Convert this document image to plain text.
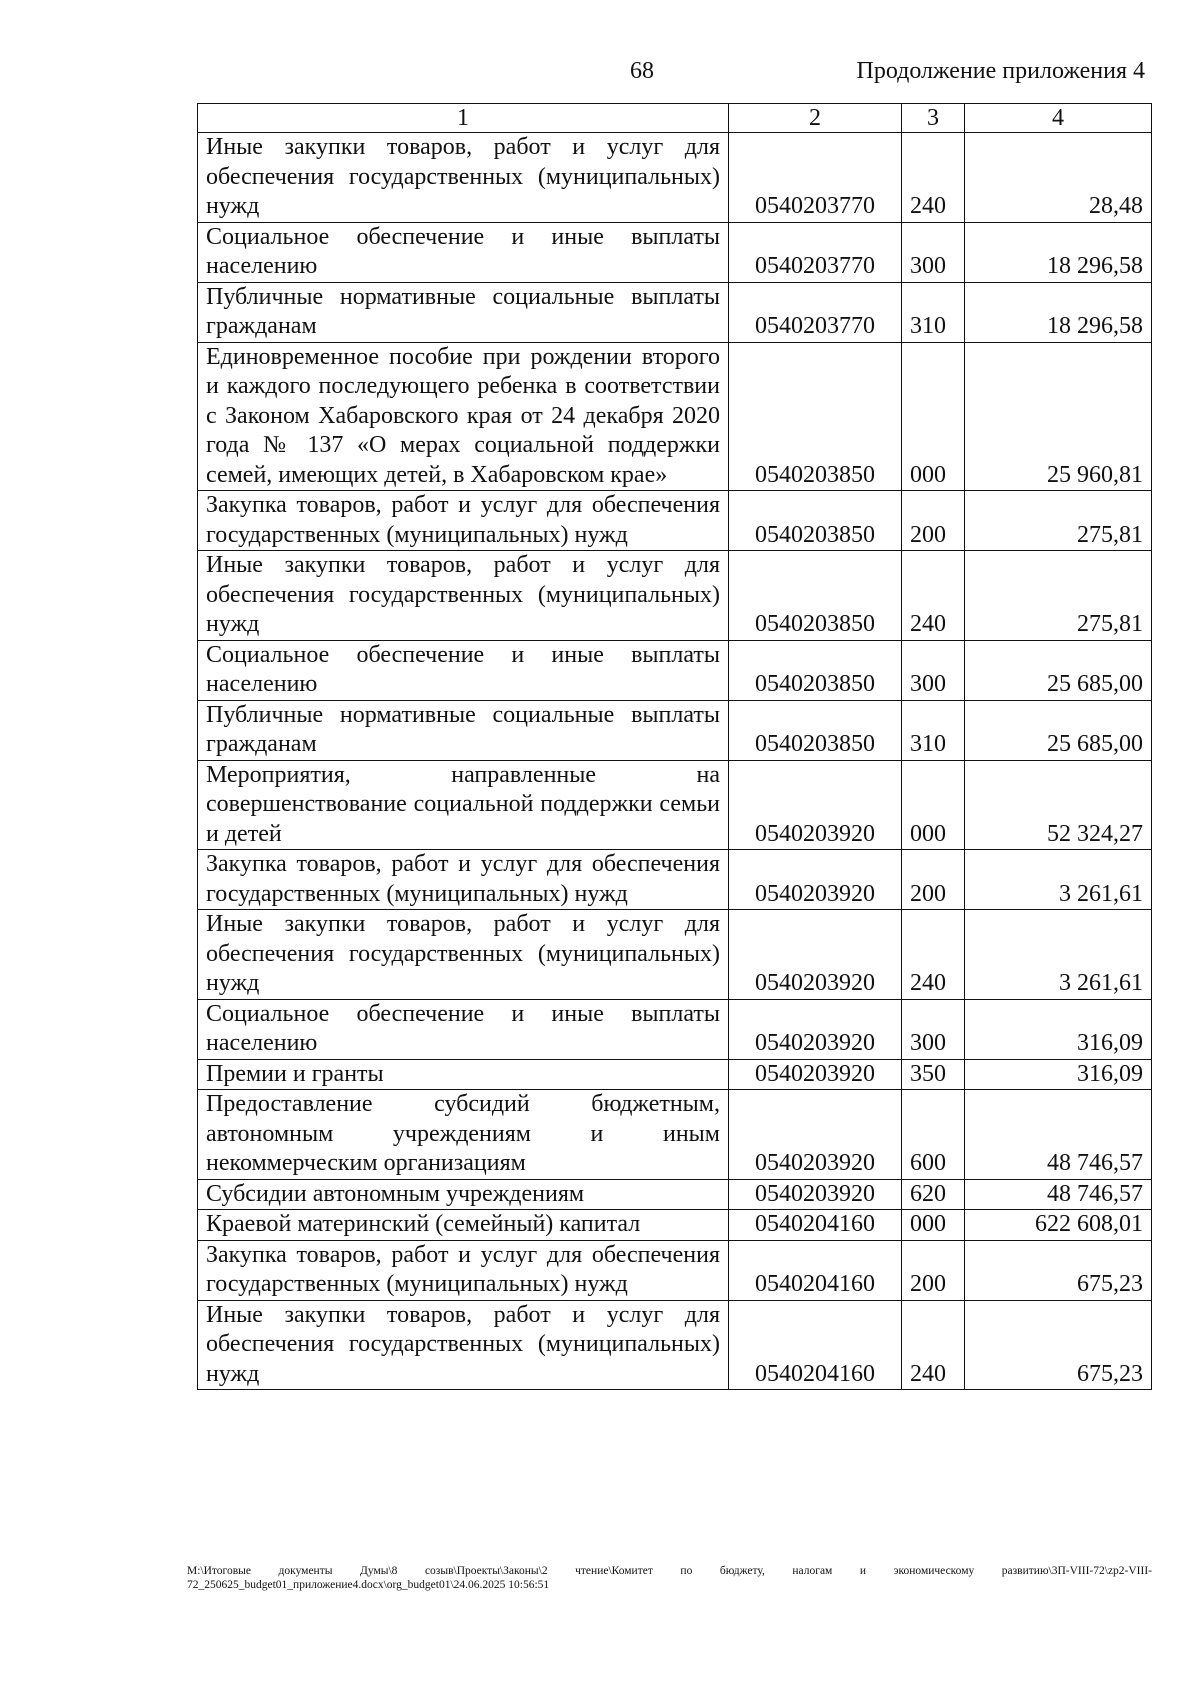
68	Продолжение приложения 4
1	2	3	4
Иные закупки товаров, работ и услуг для обеспечения государственных (муниципальных) нужд	0540203770	240	28,48
Социальное обеспечение и иные выплаты населению	0540203770	300	18 296,58
Публичные нормативные социальные выплаты гражданам	0540203770	310	18 296,58
Единовременное пособие при рождении второго и каждого последующего ребенка в соответствии с Законом Хабаровского края от 24 декабря 2020 года № 137 «О мерах социальной поддержки семей, имеющих детей, в Хабаровском крае»	0540203850	000	25 960,81
Закупка товаров, работ и услуг для обеспечения государственных (муниципальных) нужд	0540203850	200	275,81
Иные закупки товаров, работ и услуг для обеспечения государственных (муниципальных) нужд	0540203850	240	275,81
Социальное обеспечение и иные выплаты населению	0540203850	300	25 685,00
Публичные нормативные социальные выплаты гражданам	0540203850	310	25 685,00
Мероприятия, направленные на совершенствование социальной поддержки семьи и детей	0540203920	000	52 324,27
Закупка товаров, работ и услуг для обеспечения государственных (муниципальных) нужд	0540203920	200	3 261,61
Иные закупки товаров, работ и услуг для обеспечения государственных (муниципальных) нужд	0540203920	240	3 261,61
Социальное обеспечение и иные выплаты населению	0540203920	300	316,09
Премии и гранты	0540203920	350	316,09
Предоставление субсидий бюджетным, автономным учреждениям и иным некоммерческим организациям	0540203920	600	48 746,57
Субсидии автономным учреждениям	0540203920	620	48 746,57
Краевой материнский (семейный) капитал	0540204160	000	622 608,01
Закупка товаров, работ и услуг для обеспечения государственных (муниципальных) нужд	0540204160	200	675,23
Иные закупки товаров, работ и услуг для обеспечения государственных (муниципальных) нужд	0540204160	240	675,23
M:\Итоговые документы Думы\8 созыв\Проекты\Законы\2 чтение\Комитет по бюджету, налогам и экономическому развитию\3П-VIII-72\zp2-VIII-72_250625_budget01_приложение4.docx\org_budget01\24.06.2025 10:56:51
